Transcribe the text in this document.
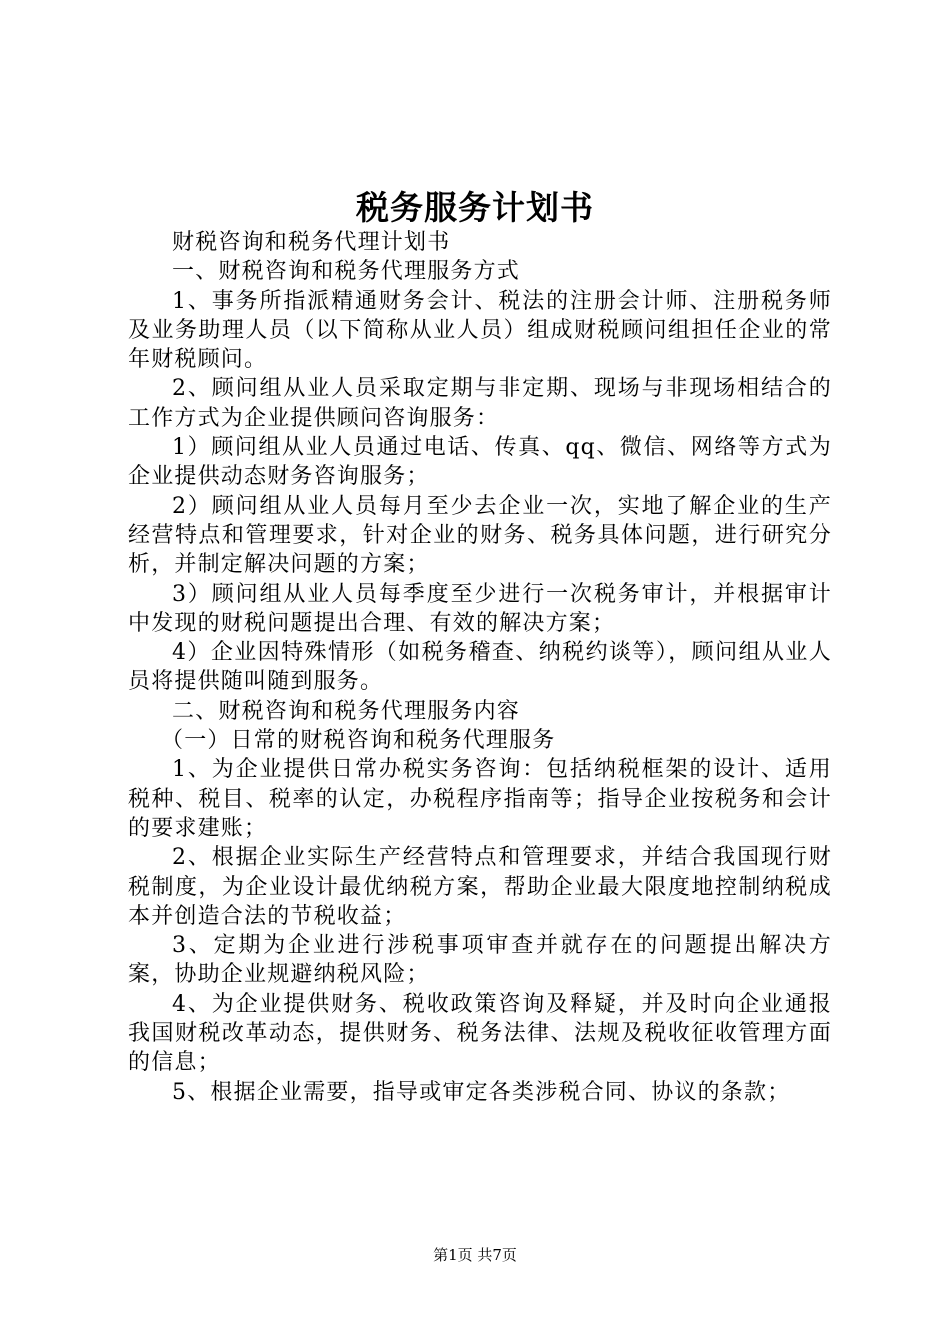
税务服务计划书

财税咨询和税务代理计划书

一、财税咨询和税务代理服务方式

1、事务所指派精通财务会计、税法的注册会计师、注册税务师及业务助理人员（以下简称从业人员）组成财税顾问组担任企业的常年财税顾问。

2、顾问组从业人员采取定期与非定期、现场与非现场相结合的工作方式为企业提供顾问咨询服务：

1）顾问组从业人员通过电话、传真、qq、微信、网络等方式为企业提供动态财务咨询服务；

2）顾问组从业人员每月至少去企业一次，实地了解企业的生产经营特点和管理要求，针对企业的财务、税务具体问题，进行研究分析，并制定解决问题的方案；

3）顾问组从业人员每季度至少进行一次税务审计，并根据审计中发现的财税问题提出合理、有效的解决方案；

4）企业因特殊情形（如税务稽查、纳税约谈等），顾问组从业人员将提供随叫随到服务。

二、财税咨询和税务代理服务内容

（一）日常的财税咨询和税务代理服务

1、为企业提供日常办税实务咨询：包括纳税框架的设计、适用税种、税目、税率的认定，办税程序指南等；指导企业按税务和会计的要求建账；

2、根据企业实际生产经营特点和管理要求，并结合我国现行财税制度，为企业设计最优纳税方案，帮助企业最大限度地控制纳税成本并创造合法的节税收益；

3、定期为企业进行涉税事项审查并就存在的问题提出解决方案，协助企业规避纳税风险；

4、为企业提供财务、税收政策咨询及释疑，并及时向企业通报我国财税改革动态，提供财务、税务法律、法规及税收征收管理方面的信息；

5、根据企业需要，指导或审定各类涉税合同、协议的条款；

第1页 共7页
